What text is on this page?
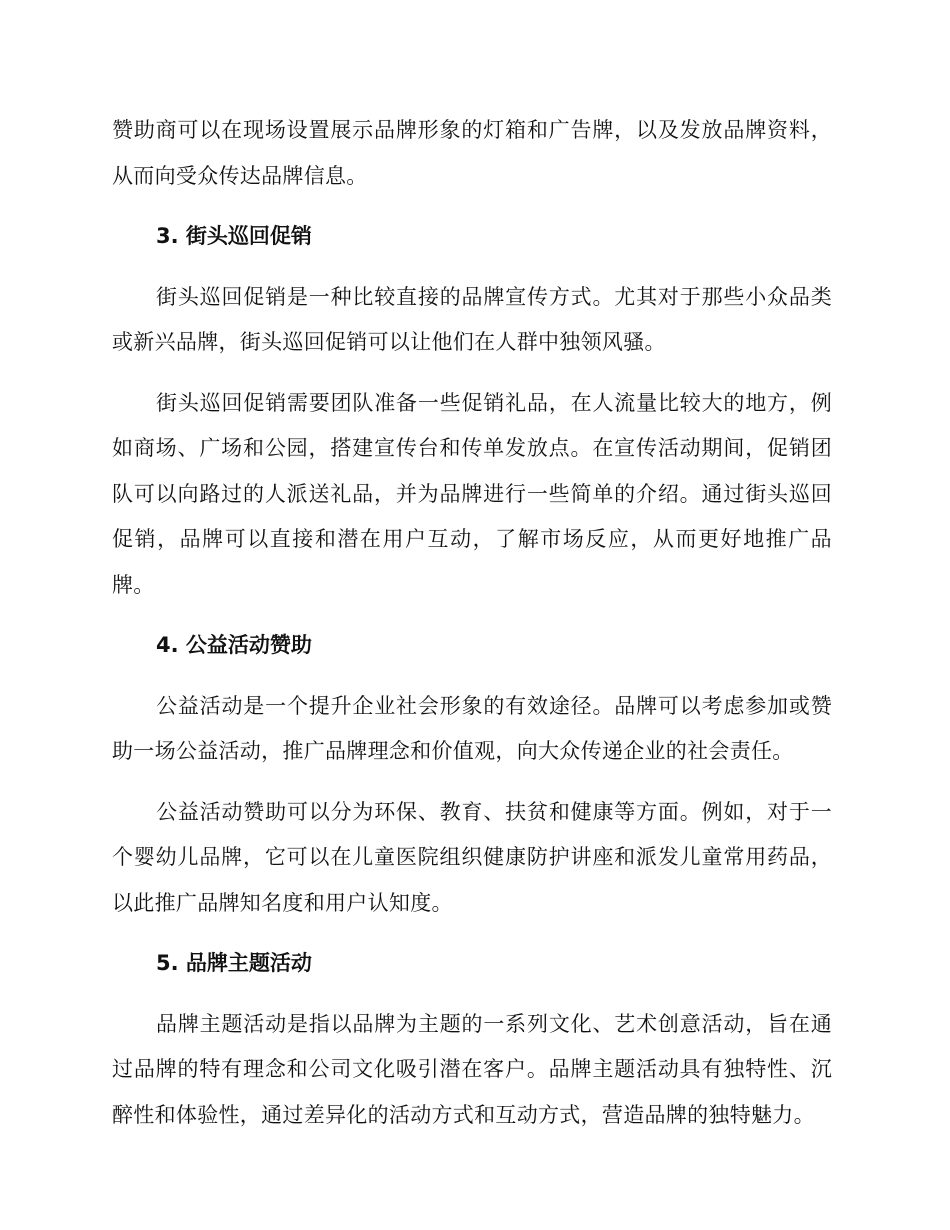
赞助商可以在现场设置展示品牌形象的灯箱和广告牌，以及发放品牌资料，从而向受众传达品牌信息。

3. 街头巡回促销

街头巡回促销是一种比较直接的品牌宣传方式。尤其对于那些小众品类或新兴品牌，街头巡回促销可以让他们在人群中独领风骚。

街头巡回促销需要团队准备一些促销礼品，在人流量比较大的地方，例如商场、广场和公园，搭建宣传台和传单发放点。在宣传活动期间，促销团队可以向路过的人派送礼品，并为品牌进行一些简单的介绍。通过街头巡回促销，品牌可以直接和潜在用户互动，了解市场反应，从而更好地推广品牌。

4. 公益活动赞助

公益活动是一个提升企业社会形象的有效途径。品牌可以考虑参加或赞助一场公益活动，推广品牌理念和价值观，向大众传递企业的社会责任。

公益活动赞助可以分为环保、教育、扶贫和健康等方面。例如，对于一个婴幼儿品牌，它可以在儿童医院组织健康防护讲座和派发儿童常用药品，以此推广品牌知名度和用户认知度。

5. 品牌主题活动

品牌主题活动是指以品牌为主题的一系列文化、艺术创意活动，旨在通过品牌的特有理念和公司文化吸引潜在客户。品牌主题活动具有独特性、沉醉性和体验性，通过差异化的活动方式和互动方式，营造品牌的独特魅力。
